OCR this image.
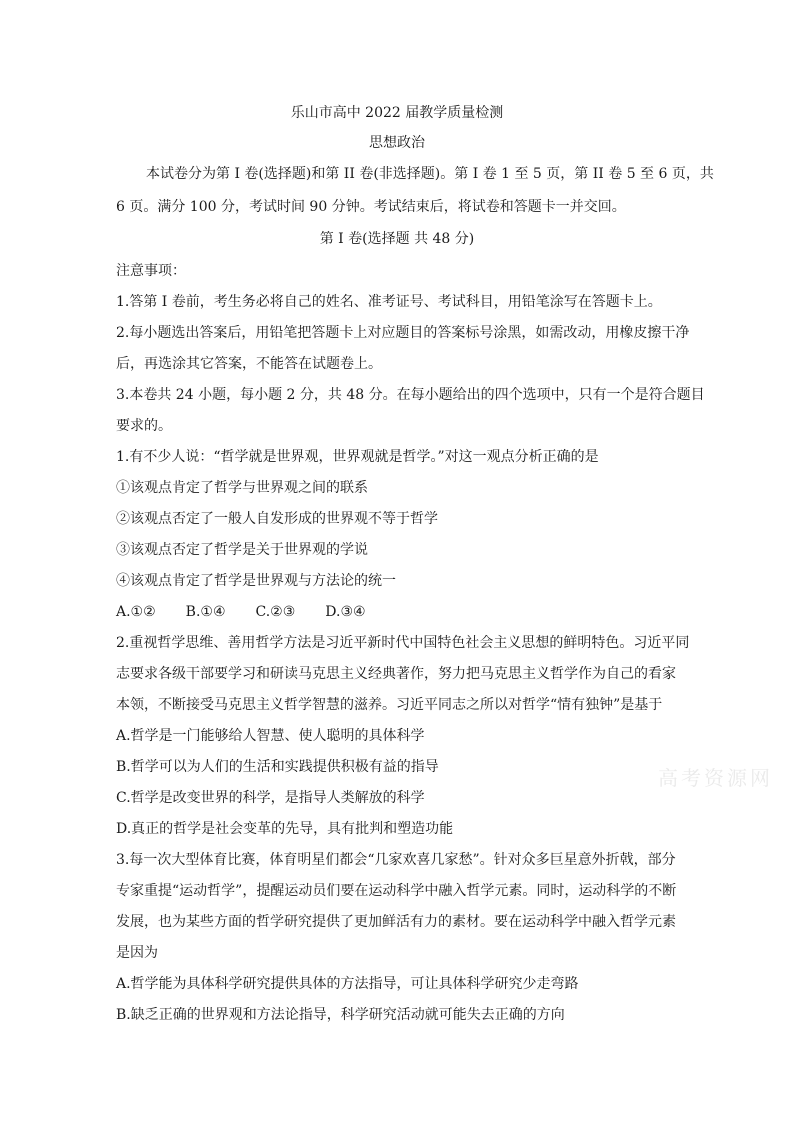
乐山市高中 2022 届教学质量检测
思想政治
本试卷分为第 I 卷(选择题)和第 II 卷(非选择题)。第 I 卷 1 至 5 页，第 II 卷 5 至 6 页，共
6 页。满分 100 分，考试时间 90 分钟。考试结束后，将试卷和答题卡一并交回。
第 I 卷(选择题 共 48 分)
注意事项：
1.答第 I 卷前，考生务必将自己的姓名、准考证号、考试科目，用铅笔涂写在答题卡上。
2.每小题选出答案后，用铅笔把答题卡上对应题目的答案标号涂黑，如需改动，用橡皮擦干净
后，再选涂其它答案，不能答在试题卷上。
3.本卷共 24 小题，每小题 2 分，共 48 分。在每小题给出的四个选项中，只有一个是符合题目
要求的。
1.有不少人说：“哲学就是世界观，世界观就是哲学。”对这一观点分析正确的是
①该观点肯定了哲学与世界观之间的联系
②该观点否定了一般人自发形成的世界观不等于哲学
③该观点否定了哲学是关于世界观的学说
④该观点肯定了哲学是世界观与方法论的统一
A.①② B.①④ C.②③ D.③④
2.重视哲学思维、善用哲学方法是习近平新时代中国特色社会主义思想的鲜明特色。习近平同
志要求各级干部要学习和研读马克思主义经典著作，努力把马克思主义哲学作为自己的看家
本领，不断接受马克思主义哲学智慧的滋养。习近平同志之所以对哲学“情有独钟”是基于
A.哲学是一门能够给人智慧、使人聪明的具体科学
B.哲学可以为人们的生活和实践提供积极有益的指导
C.哲学是改变世界的科学，是指导人类解放的科学
D.真正的哲学是社会变革的先导，具有批判和塑造功能
3.每一次大型体育比赛，体育明星们都会“几家欢喜几家愁”。针对众多巨星意外折戟，部分
专家重提“运动哲学”，提醒运动员们要在运动科学中融入哲学元素。同时，运动科学的不断
发展，也为某些方面的哲学研究提供了更加鲜活有力的素材。要在运动科学中融入哲学元素
是因为
A.哲学能为具体科学研究提供具体的方法指导，可让具体科学研究少走弯路
B.缺乏正确的世界观和方法论指导，科学研究活动就可能失去正确的方向
高考资源网
